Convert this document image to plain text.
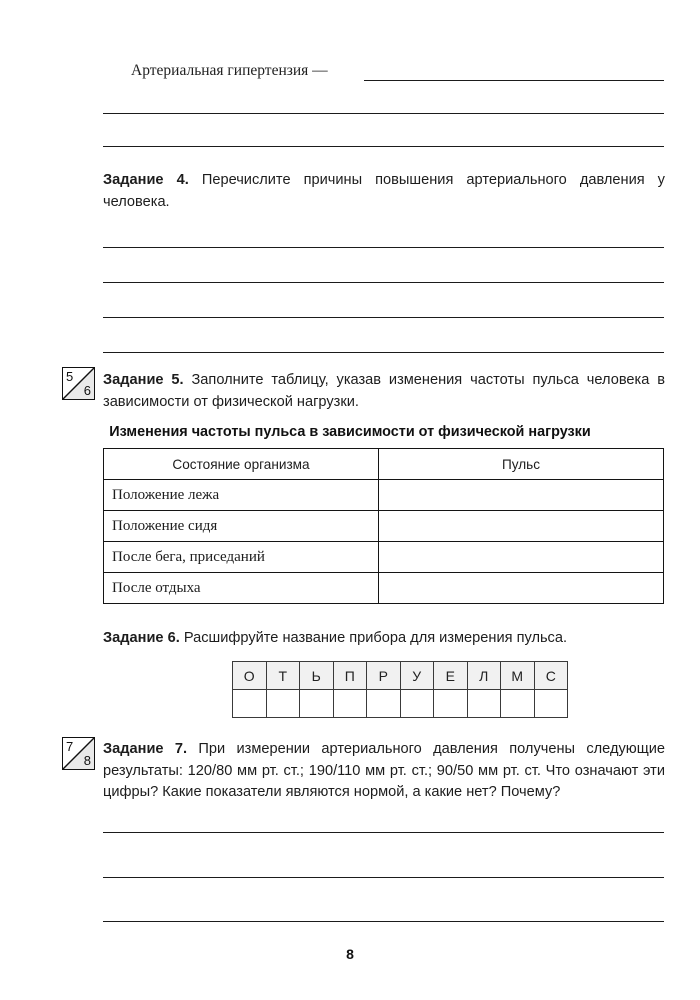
Артериальная гипертензия —
Задание 4. Перечислите причины повышения артериального давления у человека.
5
6
Задание 5. Заполните таблицу, указав изменения частоты пульса человека в зависимости от физической нагрузки.
Изменения частоты пульса в зависимости от физической нагрузки
Состояние организма	Пульс
Положение лежа	
Положение сидя	
После бега, приседаний	
После отдыха	
Задание 6. Расшифруйте название прибора для измерения пульса.
О	Т	Ь	П	Р	У	Е	Л	М	С

7
8
Задание 7. При измерении артериального давления получены следующие результаты: 120/80 мм рт. ст.; 190/110 мм рт. ст.; 90/50 мм рт. ст. Что означают эти цифры? Какие показатели являются нормой, а какие нет? Почему?
8
